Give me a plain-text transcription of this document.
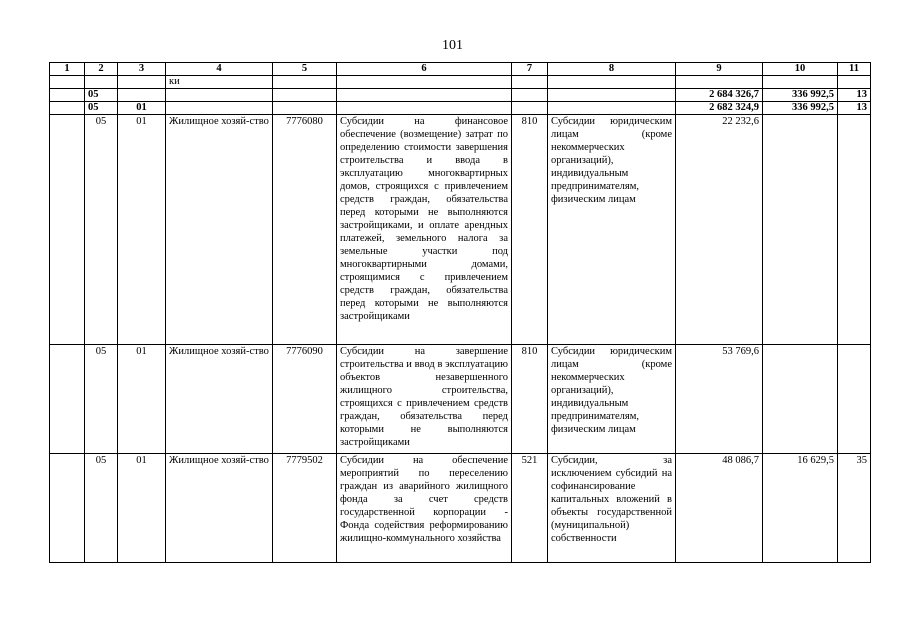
101
1	2	3	4	5	6	7	8	9	10	11
			ки							
	05							2 684 326,7	336 992,5	13
	05	01						2 682 324,9	336 992,5	13
	05	01	Жилищное хозяй-ство	7776080	Субсидии на финансовое обеспечение (возмещение) затрат по определению стоимости завершения строительства и ввода в эксплуатацию многоквартирных домов, строящихся с привлечением средств граждан, обязательства перед которыми не выполняются застройщиками, и оплате арендных платежей, земельного налога за земельные участки под многоквартирными домами, строящимися с привлечением средств граждан, обязательства перед которыми не выполняются застройщиками	810	Субсидии юридическим лицам (кроме некоммерческих организаций), индивидуальным предпринимателям, физическим лицам	22 232,6		
	05	01	Жилищное хозяй-ство	7776090	Субсидии на завершение строительства и ввод в эксплуатацию объектов незавершенного жилищного строительства, строящихся с привлечением средств граждан, обязательства перед которыми не выполняются застройщиками	810	Субсидии юридическим лицам (кроме некоммерческих организаций), индивидуальным предпринимателям, физическим лицам	53 769,6		
	05	01	Жилищное хозяй-ство	7779502	Субсидии на обеспечение мероприятий по переселению граждан из аварийного жилищного фонда за счет средств государственной корпорации - Фонда содействия реформированию жилищно-коммунального хозяйства	521	Субсидии, за исключением субсидий на софинансирование капитальных вложений в объекты государственной (муниципальной) собственности	48 086,7	16 629,5	35
